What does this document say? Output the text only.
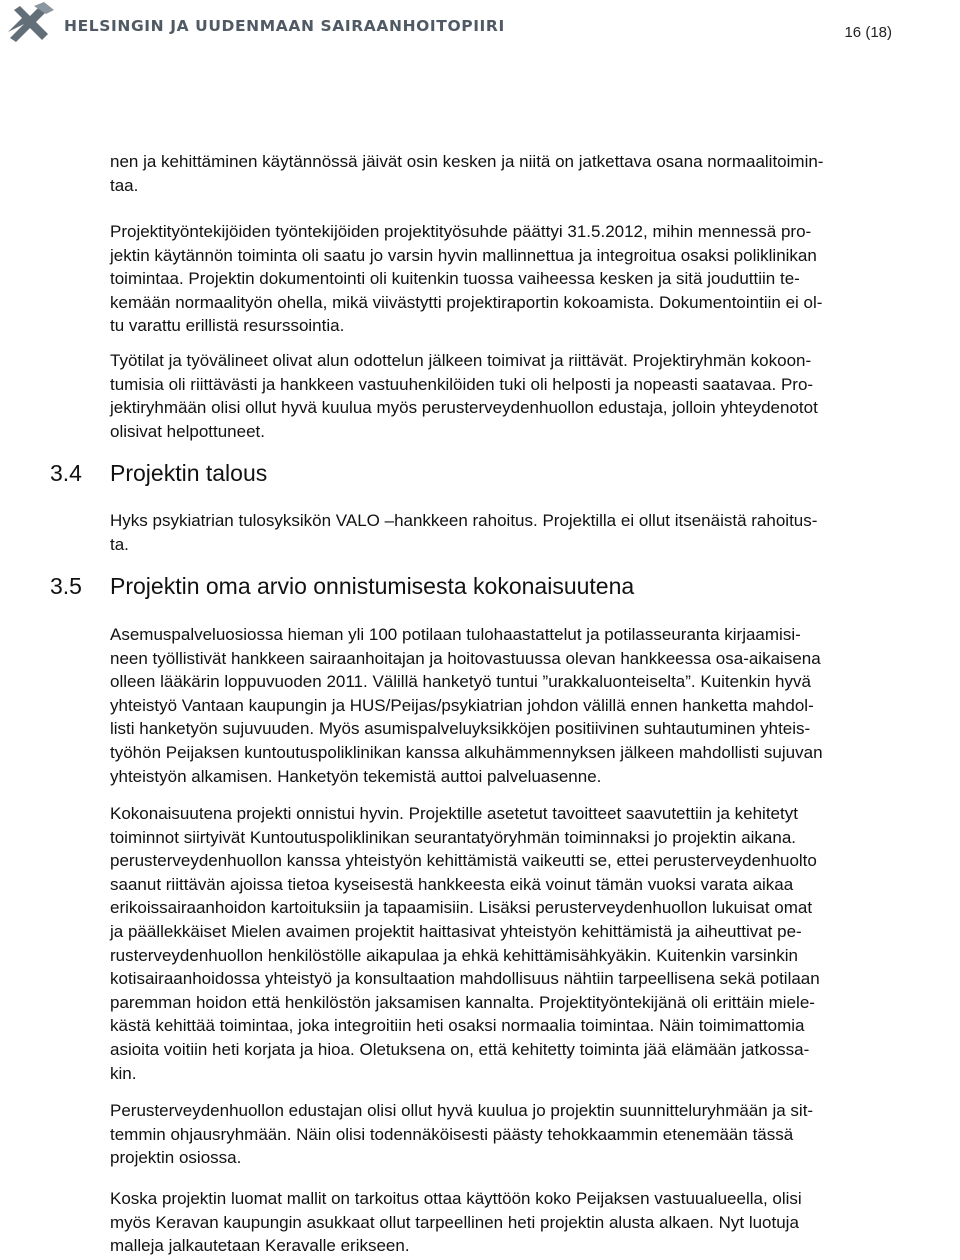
HELSINGIN JA UUDENMAAN SAIRAANHOITOPIIRI	16 (18)
nen ja kehittäminen käytännössä jäivät osin kesken ja niitä on jatkettava osana normaalitoimin-
taa.
Projektityöntekijöiden työntekijöiden projektityösuhde päättyi 31.5.2012, mihin mennessä pro-
jektin käytännön toiminta oli saatu jo varsin hyvin mallinnettua ja integroitua osaksi poliklinikan
toimintaa. Projektin dokumentointi oli kuitenkin tuossa vaiheessa kesken ja sitä jouduttiin te-
kemään normaalityön ohella, mikä viivästytti projektiraportin kokoamista. Dokumentointiin ei ol-
tu varattu erillistä resurssointia.
Työtilat ja työvälineet olivat alun odottelun jälkeen toimivat ja riittävät. Projektiryhmän kokoon-
tumisia oli riittävästi ja hankkeen vastuuhenkilöiden tuki oli helposti ja nopeasti saatavaa. Pro-
jektiryhmään olisi ollut hyvä kuulua myös perusterveydenhuollon edustaja, jolloin yhteydenotot
olisivat helpottuneet.
3.4 Projektin talous
Hyks psykiatrian tulosyksikön VALO –hankkeen rahoitus. Projektilla ei ollut itsenäistä rahoitus-
ta.
3.5 Projektin oma arvio onnistumisesta kokonaisuutena
Asemuspalveluosiossa hieman yli 100 potilaan tulohaastattelut ja potilasseuranta kirjaamisi-
neen työllistivät hankkeen sairaanhoitajan ja hoitovastuussa olevan hankkeessa osa-aikaisena
olleen lääkärin loppuvuoden 2011. Välillä hanketyö tuntui ”urakkaluonteiselta”. Kuitenkin hyvä
yhteistyö Vantaan kaupungin ja HUS/Peijas/psykiatrian johdon välillä ennen hanketta mahdol-
listi hanketyön sujuvuuden. Myös asumispalveluyksikköjen positiivinen suhtautuminen yhteis-
työhön Peijaksen kuntoutuspoliklinikan kanssa alkuhämmennyksen jälkeen mahdollisti sujuvan
yhteistyön alkamisen. Hanketyön tekemistä auttoi palveluasenne.
Kokonaisuutena projekti onnistui hyvin. Projektille asetetut tavoitteet saavutettiin ja kehitetyt
toiminnot siirtyivät Kuntoutuspoliklinikan seurantatyöryhmän toiminnaksi jo projektin aikana.
perusterveydenhuollon kanssa yhteistyön kehittämistä vaikeutti se, ettei perusterveydenhuolto
saanut riittävän ajoissa tietoa kyseisestä hankkeesta eikä voinut tämän vuoksi varata aikaa
erikoissairaanhoidon kartoituksiin ja tapaamisiin. Lisäksi perusterveydenhuollon lukuisat omat
ja päällekkäiset Mielen avaimen projektit haittasivat yhteistyön kehittämistä ja aiheuttivat pe-
rusterveydenhuollon henkilöstölle aikapulaa ja ehkä kehittämisähkyäkin. Kuitenkin varsinkin
kotisairaanhoidossa yhteistyö ja konsultaation mahdollisuus nähtiin tarpeellisena sekä potilaan
paremman hoidon että henkilöstön jaksamisen kannalta. Projektityöntekijänä oli erittäin miele-
kästä kehittää toimintaa, joka integroitiin heti osaksi normaalia toimintaa. Näin toimimattomia
asioita voitiin heti korjata ja hioa. Oletuksena on, että kehitetty toiminta jää elämään jatkossa-
kin.
Perusterveydenhuollon edustajan olisi ollut hyvä kuulua jo projektin suunnitteluryhmään ja sit-
temmin ohjausryhmään. Näin olisi todennäköisesti päästy tehokkaammin etenemään tässä
projektin osiossa.
Koska projektin luomat mallit on tarkoitus ottaa käyttöön koko Peijaksen vastuualueella, olisi
myös Keravan kaupungin asukkaat ollut tarpeellinen heti projektin alusta alkaen. Nyt luotuja
malleja jalkautetaan Keravalle erikseen.
